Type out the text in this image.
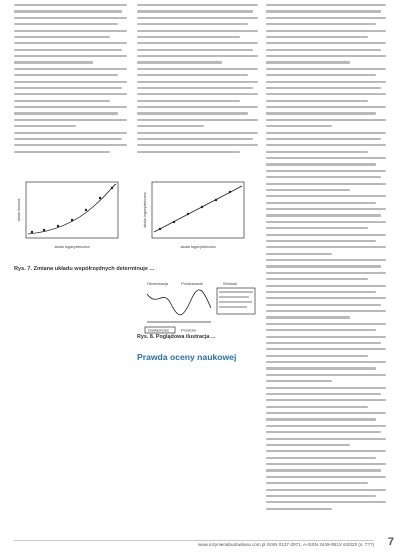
skala logarytmiczna
skala liniowa
skala logarytmiczna
skala logarytmiczna
Rys. 7. Zmiana układu współrzędnych determinuje ...
Obserwacja	Prostowanie	Wnioski
Dokładność	Prostota
Rys. 8. Poglądowa ilustracja ...
Prawda oceny naukowej
www.inzynieriabudowlana.com.pl ISSN 0137-2971, e-ISSN 2449-951X 6/2020 (s. 7??) 7
